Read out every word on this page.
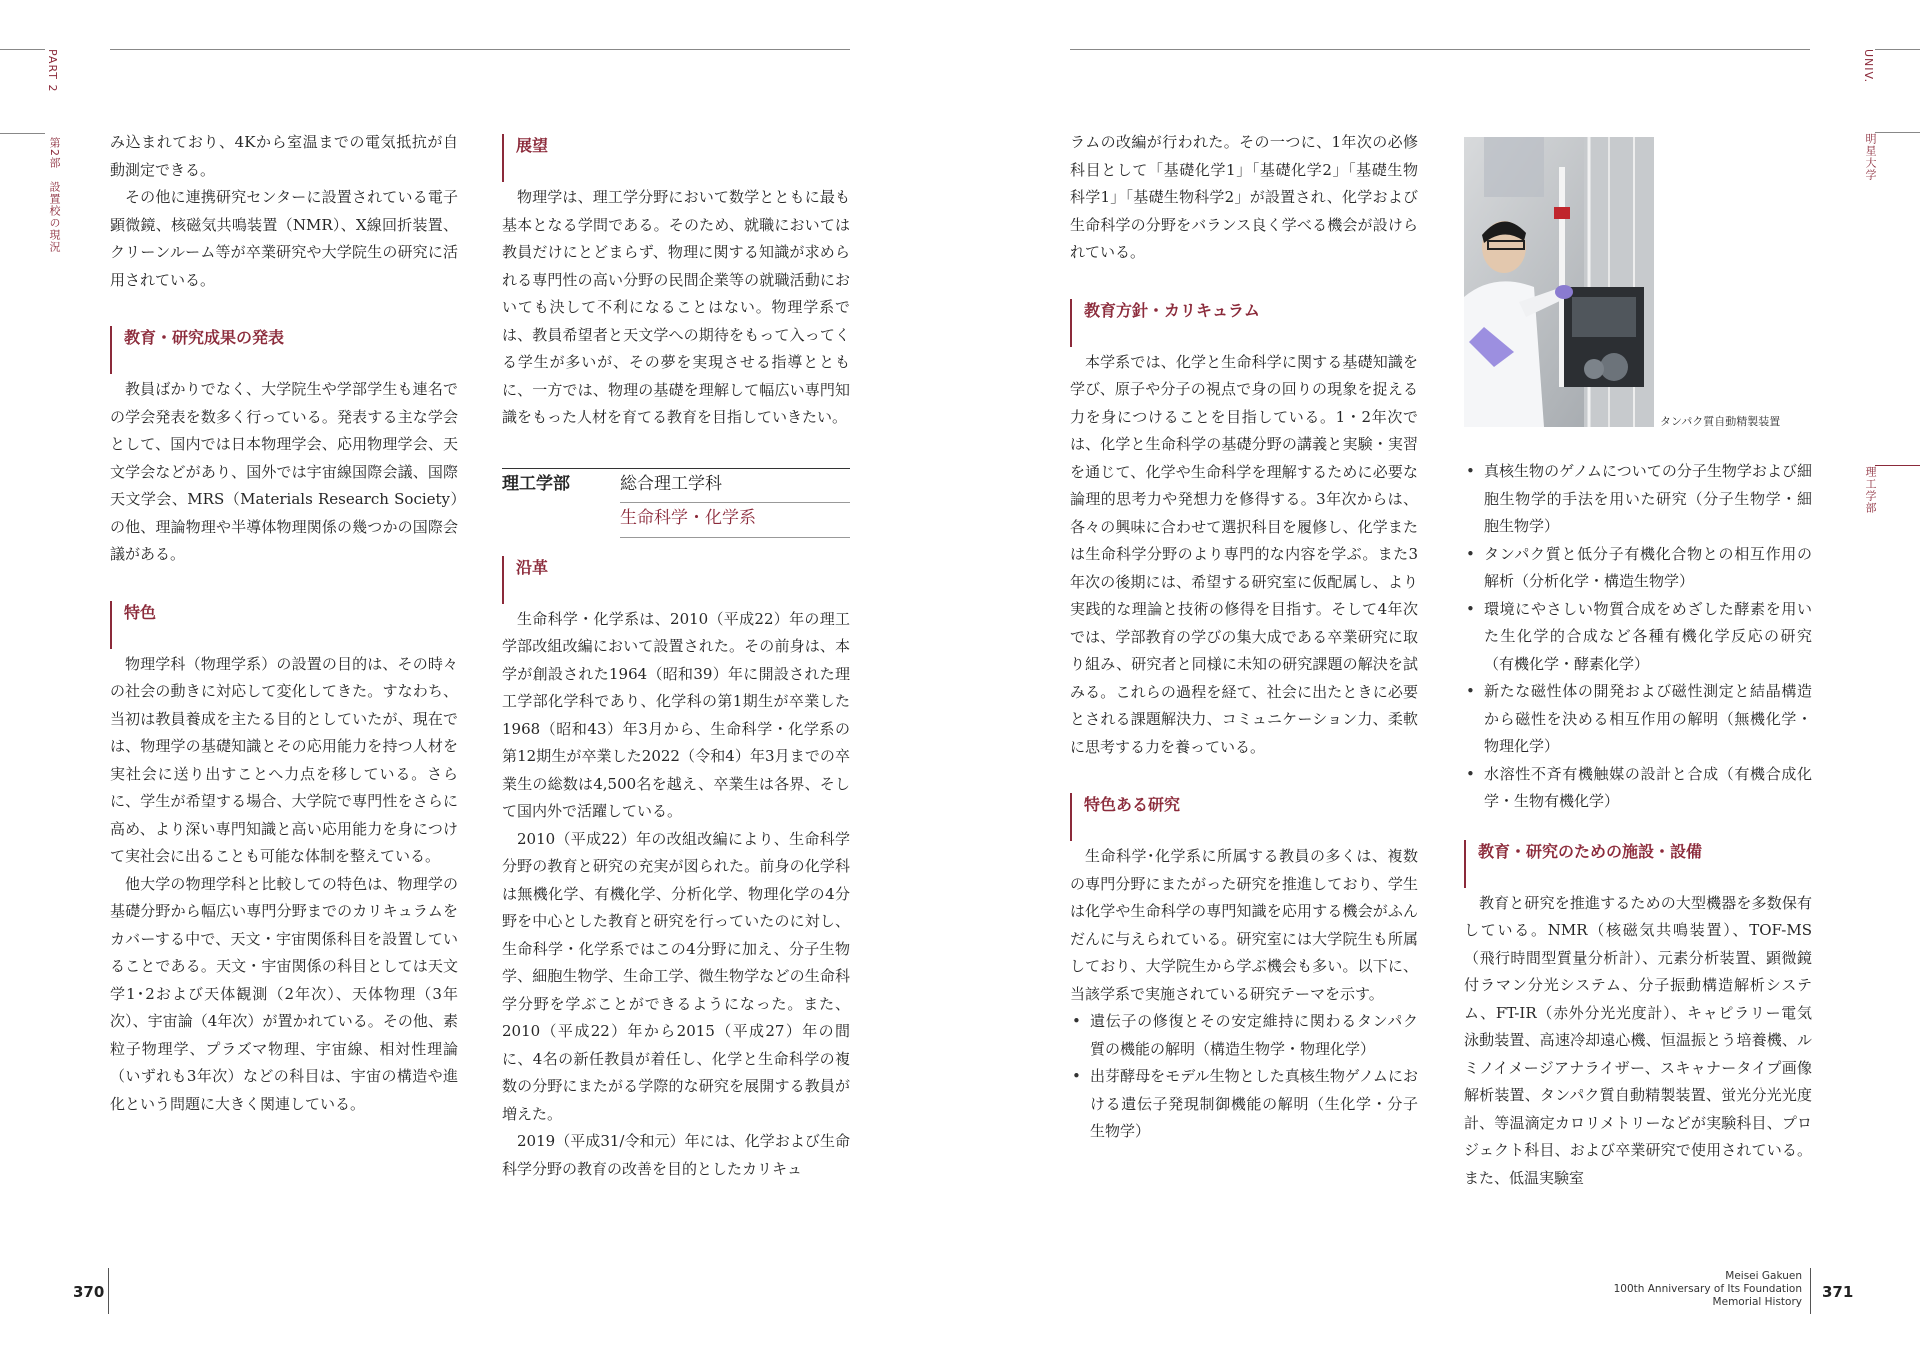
PART 2
第2部　設置校の現況
UNIV.
明星大学
理工学部

み込まれており、4Kから室温までの電気抵抗が自動測定できる。

その他に連携研究センターに設置されている電子顕微鏡、核磁気共鳴装置（NMR）、X線回折装置、クリーンルーム等が卒業研究や大学院生の研究に活用されている。

教育・研究成果の発表

教員ばかりでなく、大学院生や学部学生も連名での学会発表を数多く行っている。発表する主な学会として、国内では日本物理学会、応用物理学会、天文学会などがあり、国外では宇宙線国際会議、国際天文学会、MRS（Materials Research Society）の他、理論物理や半導体物理関係の幾つかの国際会議がある。

特色

物理学科（物理学系）の設置の目的は、その時々の社会の動きに対応して変化してきた。すなわち、当初は教員養成を主たる目的としていたが、現在では、物理学の基礎知識とその応用能力を持つ人材を実社会に送り出すことへ力点を移している。さらに、学生が希望する場合、大学院で専門性をさらに高め、より深い専門知識と高い応用能力を身につけて実社会に出ることも可能な体制を整えている。

他大学の物理学科と比較しての特色は、物理学の基礎分野から幅広い専門分野までのカリキュラムをカバーする中で、天文・宇宙関係科目を設置していることである。天文・宇宙関係の科目としては天文学1･2および天体観測（2年次）、天体物理（3年次）、宇宙論（4年次）が置かれている。その他、素粒子物理学、プラズマ物理、宇宙線、相対性理論（いずれも3年次）などの科目は、宇宙の構造や進化という問題に大きく関連している。

展望

物理学は、理工学分野において数学とともに最も基本となる学問である。そのため、就職においては教員だけにとどまらず、物理に関する知識が求められる専門性の高い分野の民間企業等の就職活動においても決して不利になることはない。物理学系では、教員希望者と天文学への期待をもって入ってくる学生が多いが、その夢を実現させる指導とともに、一方では、物理の基礎を理解して幅広い専門知識をもった人材を育てる教育を目指していきたい。

理工学部	総合理工学科
生命科学・化学系
沿革

生命科学・化学系は、2010（平成22）年の理工学部改組改編において設置された。その前身は、本学が創設された1964（昭和39）年に開設された理工学部化学科であり、化学科の第1期生が卒業した1968（昭和43）年3月から、生命科学・化学系の第12期生が卒業した2022（令和4）年3月までの卒業生の総数は4,500名を越え、卒業生は各界、そして国内外で活躍している。

2010（平成22）年の改組改編により、生命科学分野の教育と研究の充実が図られた。前身の化学科は無機化学、有機化学、分析化学、物理化学の4分野を中心とした教育と研究を行っていたのに対し、生命科学・化学系ではこの4分野に加え、分子生物学、細胞生物学、生命工学、微生物学などの生命科学分野を学ぶことができるようになった。また、2010（平成22）年から2015（平成27）年の間に、4名の新任教員が着任し、化学と生命科学の複数の分野にまたがる学際的な研究を展開する教員が増えた。

2019（平成31/令和元）年には、化学および生命科学分野の教育の改善を目的としたカリキュ

ラムの改編が行われた。その一つに、1年次の必修科目として「基礎化学1」「基礎化学2」「基礎生物科学1」「基礎生物科学2」が設置され、化学および生命科学の分野をバランス良く学べる機会が設けられている。

教育方針・カリキュラム

本学系では、化学と生命科学に関する基礎知識を学び、原子や分子の視点で身の回りの現象を捉える力を身につけることを目指している。1・2年次では、化学と生命科学の基礎分野の講義と実験・実習を通じて、化学や生命科学を理解するために必要な論理的思考力や発想力を修得する。3年次からは、各々の興味に合わせて選択科目を履修し、化学または生命科学分野のより専門的な内容を学ぶ。また3年次の後期には、希望する研究室に仮配属し、より実践的な理論と技術の修得を目指す。そして4年次では、学部教育の学びの集大成である卒業研究に取り組み、研究者と同様に未知の研究課題の解決を試みる。これらの過程を経て、社会に出たときに必要とされる課題解決力、コミュニケーション力、柔軟に思考する力を養っている。

特色ある研究

生命科学･化学系に所属する教員の多くは、複数の専門分野にまたがった研究を推進しており、学生は化学や生命科学の専門知識を応用する機会がふんだんに与えられている。研究室には大学院生も所属しており、大学院生から学ぶ機会も多い。以下に、当該学系で実施されている研究テーマを示す。

• 遺伝子の修復とその安定維持に関わるタンパク質の機能の解明（構造生物学・物理化学）
• 出芽酵母をモデル生物とした真核生物ゲノムにおける遺伝子発現制御機能の解明（生化学・分子生物学）
タンパク質自動精製装置
• 真核生物のゲノムについての分子生物学および細胞生物学的手法を用いた研究（分子生物学・細胞生物学）
• タンパク質と低分子有機化合物との相互作用の解析（分析化学・構造生物学）
• 環境にやさしい物質合成をめざした酵素を用いた生化学的合成など各種有機化学反応の研究（有機化学・酵素化学）
• 新たな磁性体の開発および磁性測定と結晶構造から磁性を決める相互作用の解明（無機化学・物理化学）
• 水溶性不斉有機触媒の設計と合成（有機合成化学・生物有機化学）
教育・研究のための施設・設備

教育と研究を推進するための大型機器を多数保有している。NMR（核磁気共鳴装置）、TOF-MS（飛行時間型質量分析計）、元素分析装置、顕微鏡付ラマン分光システム、分子振動構造解析システム、FT-IR（赤外分光光度計）、キャピラリー電気泳動装置、高速冷却遠心機、恒温振とう培養機、ルミノイメージアナライザー、スキャナータイプ画像解析装置、タンパク質自動精製装置、蛍光分光光度計、等温滴定カロリメトリーなどが実験科目、プロジェクト科目、および卒業研究で使用されている。また、低温実験室

370
Meisei Gakuen
100th Anniversary of Its Foundation
Memorial History
371
